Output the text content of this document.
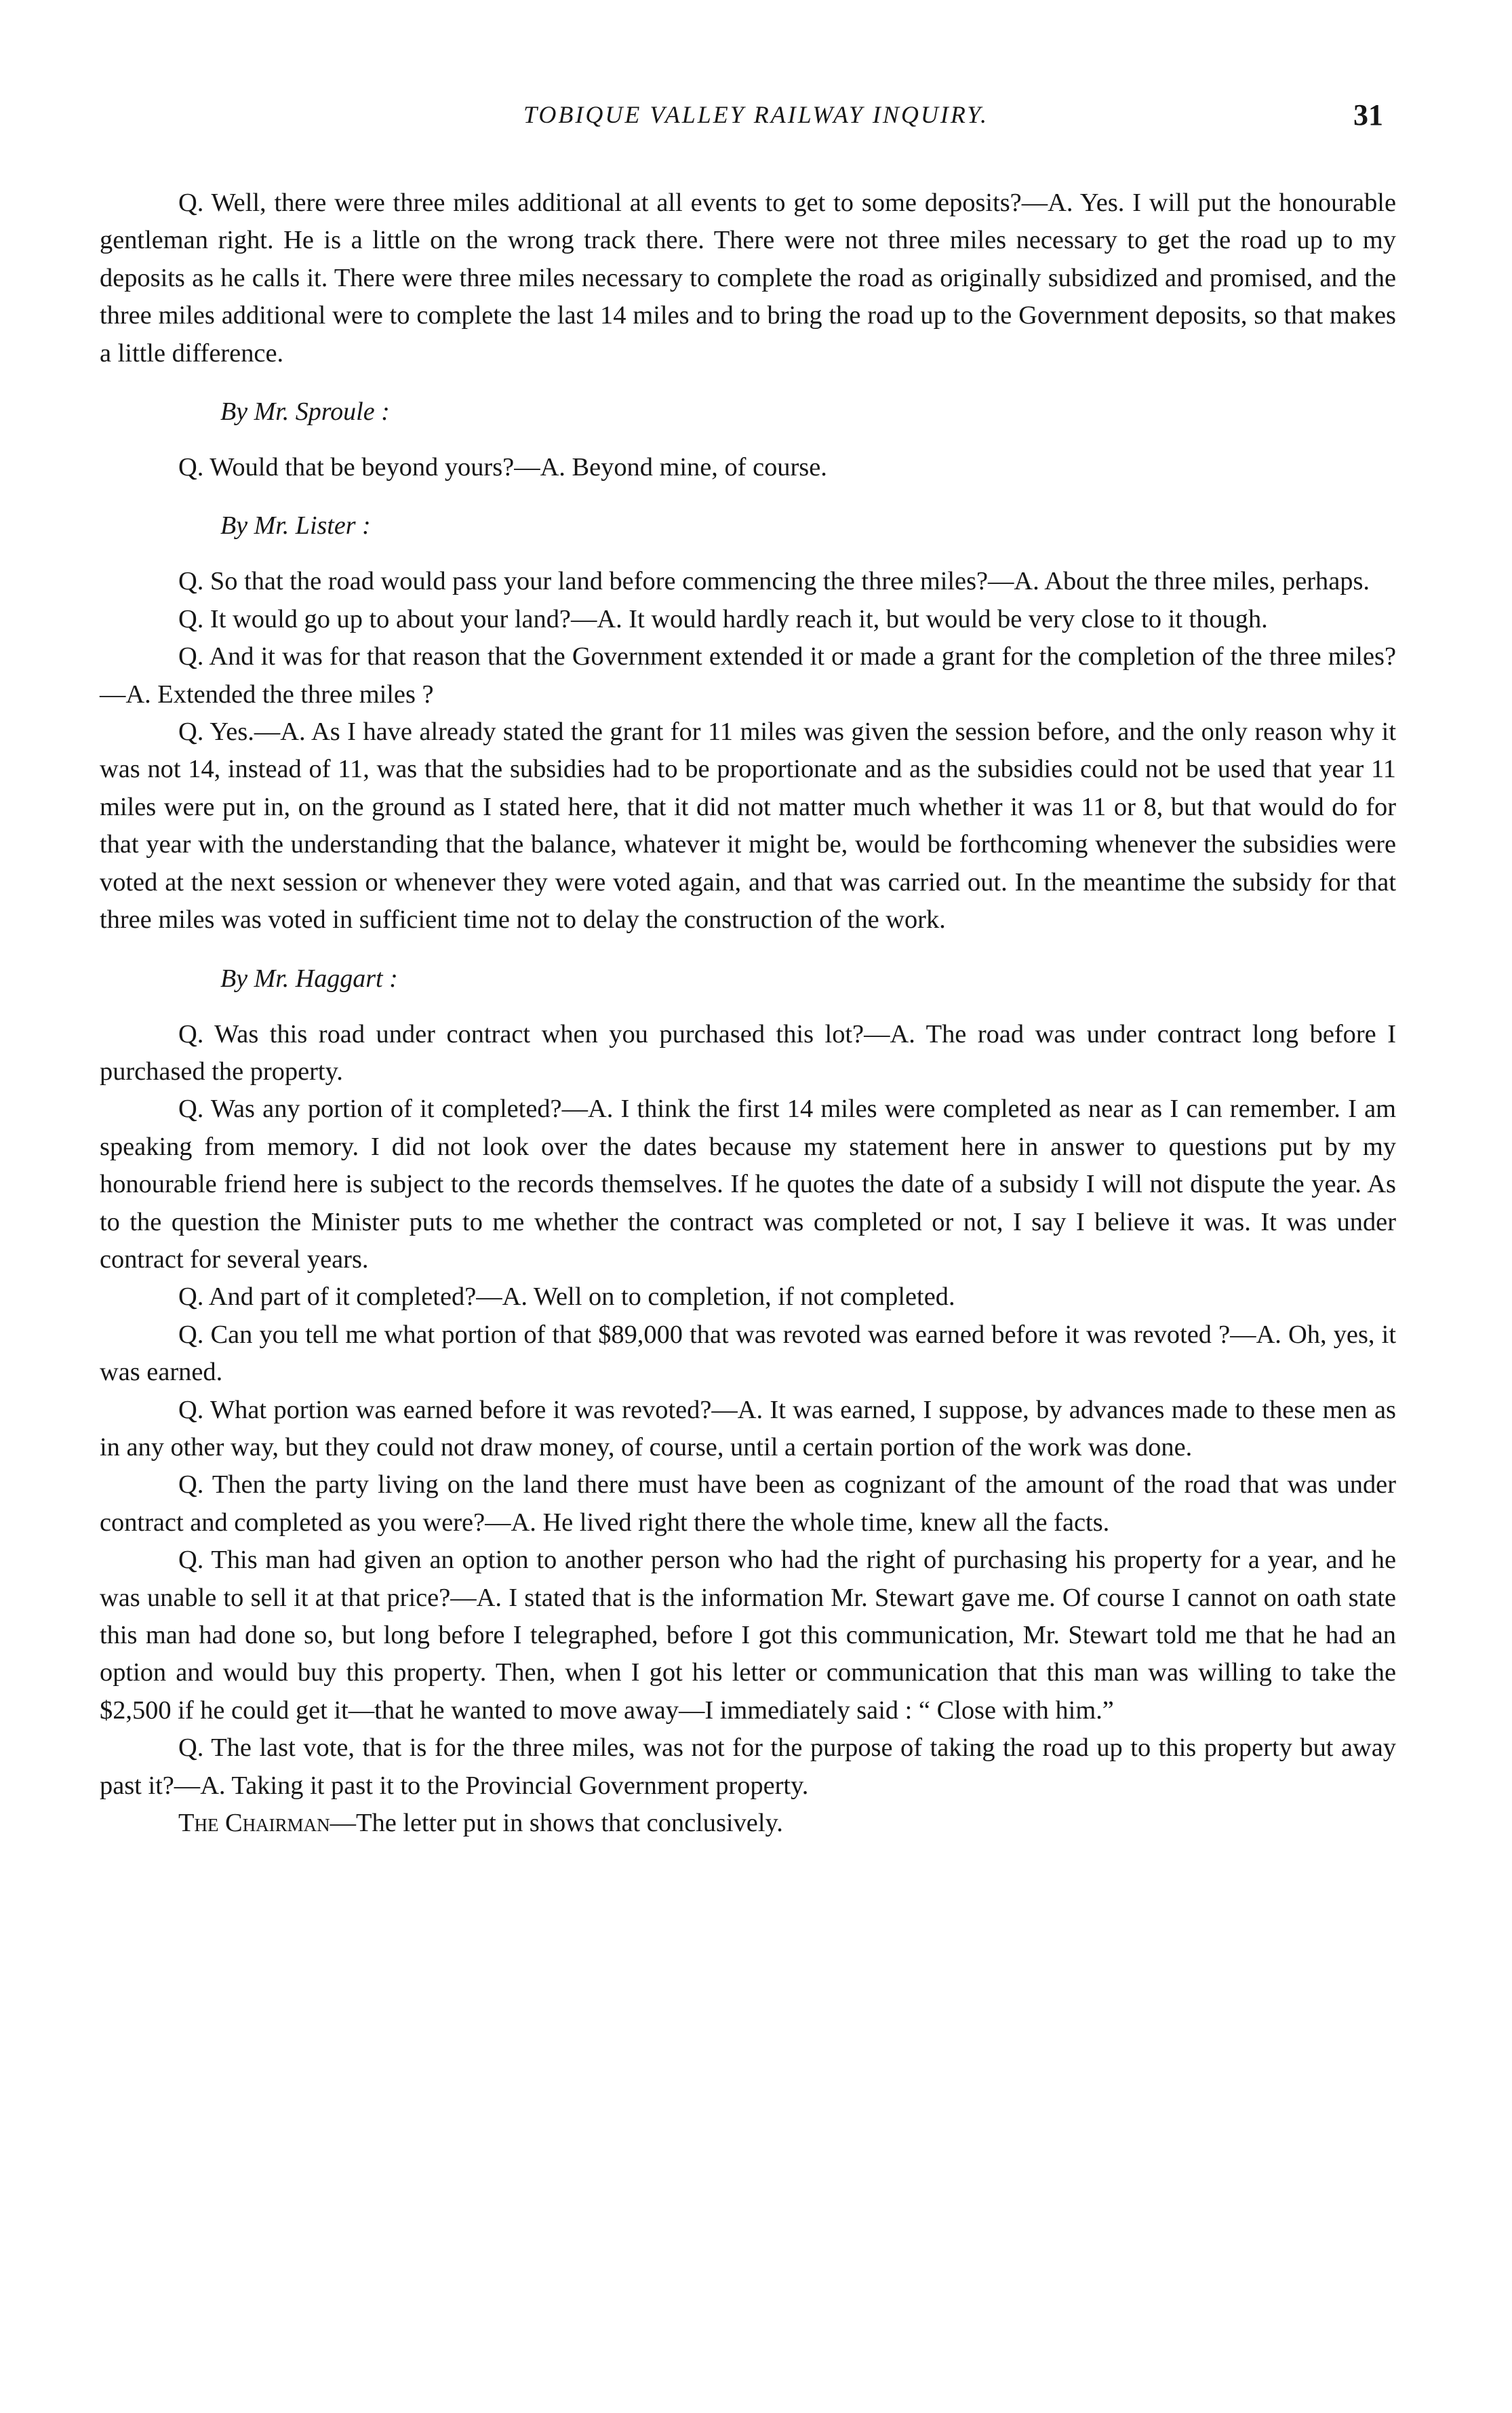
TOBIQUE VALLEY RAILWAY INQUIRY.	31

Q. Well, there were three miles additional at all events to get to some deposits?—A. Yes. I will put the honourable gentleman right. He is a little on the wrong track there. There were not three miles necessary to get the road up to my deposits as he calls it. There were three miles necessary to complete the road as originally subsidized and promised, and the three miles additional were to complete the last 14 miles and to bring the road up to the Government deposits, so that makes a little difference.

By Mr. Sproule :

Q. Would that be beyond yours?—A. Beyond mine, of course.

By Mr. Lister :

Q. So that the road would pass your land before commencing the three miles?—A. About the three miles, perhaps.

Q. It would go up to about your land?—A. It would hardly reach it, but would be very close to it though.

Q. And it was for that reason that the Government extended it or made a grant for the completion of the three miles?—A. Extended the three miles ?

Q. Yes.—A. As I have already stated the grant for 11 miles was given the session before, and the only reason why it was not 14, instead of 11, was that the subsidies had to be proportionate and as the subsidies could not be used that year 11 miles were put in, on the ground as I stated here, that it did not matter much whether it was 11 or 8, but that would do for that year with the understanding that the balance, whatever it might be, would be forthcoming whenever the subsidies were voted at the next session or whenever they were voted again, and that was carried out. In the meantime the subsidy for that three miles was voted in sufficient time not to delay the construction of the work.

By Mr. Haggart :

Q. Was this road under contract when you purchased this lot?—A. The road was under contract long before I purchased the property.

Q. Was any portion of it completed?—A. I think the first 14 miles were completed as near as I can remember. I am speaking from memory. I did not look over the dates because my statement here in answer to questions put by my honourable friend here is subject to the records themselves. If he quotes the date of a subsidy I will not dispute the year. As to the question the Minister puts to me whether the contract was completed or not, I say I believe it was. It was under contract for several years.

Q. And part of it completed?—A. Well on to completion, if not completed.

Q. Can you tell me what portion of that $89,000 that was revoted was earned before it was revoted ?—A. Oh, yes, it was earned.

Q. What portion was earned before it was revoted?—A. It was earned, I suppose, by advances made to these men as in any other way, but they could not draw money, of course, until a certain portion of the work was done.

Q. Then the party living on the land there must have been as cognizant of the amount of the road that was under contract and completed as you were?—A. He lived right there the whole time, knew all the facts.

Q. This man had given an option to another person who had the right of purchasing his property for a year, and he was unable to sell it at that price?—A. I stated that is the information Mr. Stewart gave me. Of course I cannot on oath state this man had done so, but long before I telegraphed, before I got this communication, Mr. Stewart told me that he had an option and would buy this property. Then, when I got his letter or communication that this man was willing to take the $2,500 if he could get it—that he wanted to move away—I immediately said : “ Close with him.”

Q. The last vote, that is for the three miles, was not for the purpose of taking the road up to this property but away past it?—A. Taking it past it to the Provincial Government property.

The Chairman—The letter put in shows that conclusively.
